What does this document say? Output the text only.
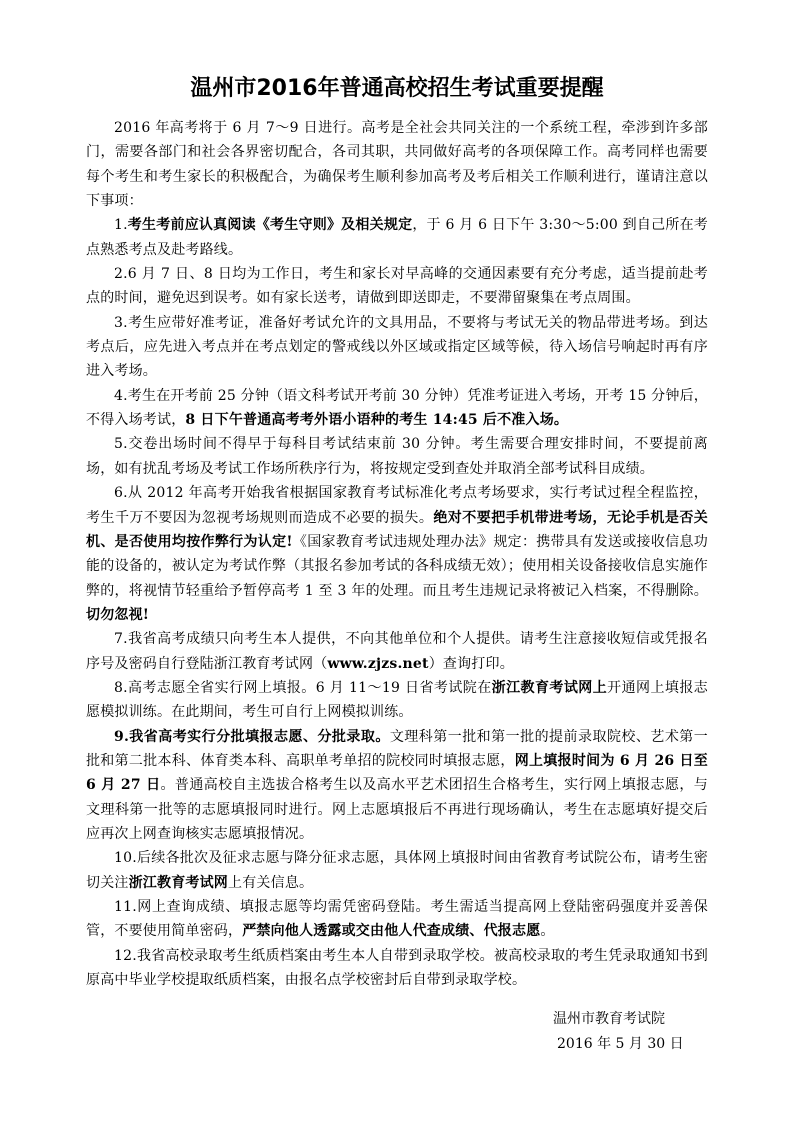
温州市2016年普通高校招生考试重要提醒

2016 年高考将于 6 月 7～9 日进行。高考是全社会共同关注的一个系统工程，牵涉到许多部门，需要各部门和社会各界密切配合，各司其职，共同做好高考的各项保障工作。高考同样也需要每个考生和考生家长的积极配合，为确保考生顺利参加高考及考后相关工作顺利进行，谨请注意以下事项：

1.考生考前应认真阅读《考生守则》及相关规定，于 6 月 6 日下午 3:30～5:00 到自己所在考点熟悉考点及赴考路线。

2.6 月 7 日、8 日均为工作日，考生和家长对早高峰的交通因素要有充分考虑，适当提前赴考点的时间，避免迟到误考。如有家长送考，请做到即送即走，不要滞留聚集在考点周围。

3.考生应带好准考证，准备好考试允许的文具用品，不要将与考试无关的物品带进考场。到达考点后，应先进入考点并在考点划定的警戒线以外区域或指定区域等候，待入场信号响起时再有序进入考场。

4.考生在开考前 25 分钟（语文科考试开考前 30 分钟）凭准考证进入考场，开考 15 分钟后，不得入场考试，8 日下午普通高考考外语小语种的考生 14:45 后不准入场。

5.交卷出场时间不得早于每科目考试结束前 30 分钟。考生需要合理安排时间，不要提前离场，如有扰乱考场及考试工作场所秩序行为，将按规定受到查处并取消全部考试科目成绩。

6.从 2012 年高考开始我省根据国家教育考试标准化考点考场要求，实行考试过程全程监控，考生千万不要因为忽视考场规则而造成不必要的损失。绝对不要把手机带进考场，无论手机是否关机、是否使用均按作弊行为认定!《国家教育考试违规处理办法》规定：携带具有发送或接收信息功能的设备的，被认定为考试作弊（其报名参加考试的各科成绩无效）；使用相关设备接收信息实施作弊的，将视情节轻重给予暂停高考 1 至 3 年的处理。而且考生违规记录将被记入档案，不得删除。切勿忽视!

7.我省高考成绩只向考生本人提供，不向其他单位和个人提供。请考生注意接收短信或凭报名序号及密码自行登陆浙江教育考试网（www.zjzs.net）查询打印。

8.高考志愿全省实行网上填报。6 月 11～19 日省考试院在浙江教育考试网上开通网上填报志愿模拟训练。在此期间，考生可自行上网模拟训练。

9.我省高考实行分批填报志愿、分批录取。文理科第一批和第一批的提前录取院校、艺术第一批和第二批本科、体育类本科、高职单考单招的院校同时填报志愿，网上填报时间为 6 月 26 日至 6 月 27 日。普通高校自主选拔合格考生以及高水平艺术团招生合格考生，实行网上填报志愿，与文理科第一批等的志愿填报同时进行。网上志愿填报后不再进行现场确认，考生在志愿填好提交后应再次上网查询核实志愿填报情况。

10.后续各批次及征求志愿与降分征求志愿，具体网上填报时间由省教育考试院公布，请考生密切关注浙江教育考试网上有关信息。

11.网上查询成绩、填报志愿等均需凭密码登陆。考生需适当提高网上登陆密码强度并妥善保管，不要使用简单密码，严禁向他人透露或交由他人代查成绩、代报志愿。

12.我省高校录取考生纸质档案由考生本人自带到录取学校。被高校录取的考生凭录取通知书到原高中毕业学校提取纸质档案，由报名点学校密封后自带到录取学校。

温州市教育考试院
2016 年 5 月 30 日
